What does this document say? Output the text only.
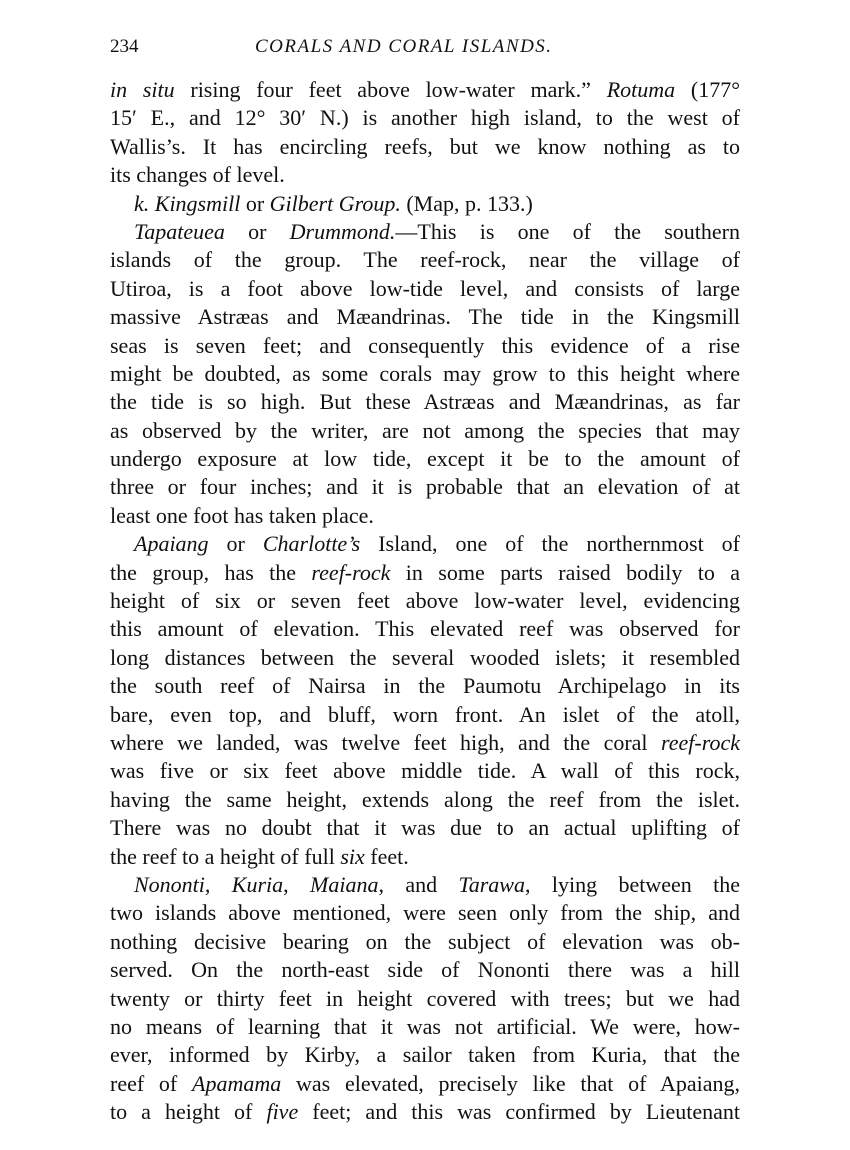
234	CORALS AND CORAL ISLANDS.
in situ rising four feet above low-water mark.” Rotuma (177°
15′ E., and 12° 30′ N.) is another high island, to the west of
Wallis’s. It has encircling reefs, but we know nothing as to
its changes of level.
k. Kingsmill or Gilbert Group. (Map, p. 133.)
Tapateuea or Drummond.—This is one of the southern
islands of the group. The reef-rock, near the village of
Utiroa, is a foot above low-tide level, and consists of large
massive Astræas and Mæandrinas. The tide in the Kingsmill
seas is seven feet; and consequently this evidence of a rise
might be doubted, as some corals may grow to this height where
the tide is so high. But these Astræas and Mæandrinas, as far
as observed by the writer, are not among the species that may
undergo exposure at low tide, except it be to the amount of
three or four inches; and it is probable that an elevation of at
least one foot has taken place.
Apaiang or Charlotte’s Island, one of the northernmost of
the group, has the reef-rock in some parts raised bodily to a
height of six or seven feet above low-water level, evidencing
this amount of elevation. This elevated reef was observed for
long distances between the several wooded islets; it resembled
the south reef of Nairsa in the Paumotu Archipelago in its
bare, even top, and bluff, worn front. An islet of the atoll,
where we landed, was twelve feet high, and the coral reef-rock
was five or six feet above middle tide. A wall of this rock,
having the same height, extends along the reef from the islet.
There was no doubt that it was due to an actual uplifting of
the reef to a height of full six feet.
Nononti, Kuria, Maiana, and Tarawa, lying between the
two islands above mentioned, were seen only from the ship, and
nothing decisive bearing on the subject of elevation was ob-
served. On the north-east side of Nononti there was a hill
twenty or thirty feet in height covered with trees; but we had
no means of learning that it was not artificial. We were, how-
ever, informed by Kirby, a sailor taken from Kuria, that the
reef of Apamama was elevated, precisely like that of Apaiang,
to a height of five feet; and this was confirmed by Lieutenant
